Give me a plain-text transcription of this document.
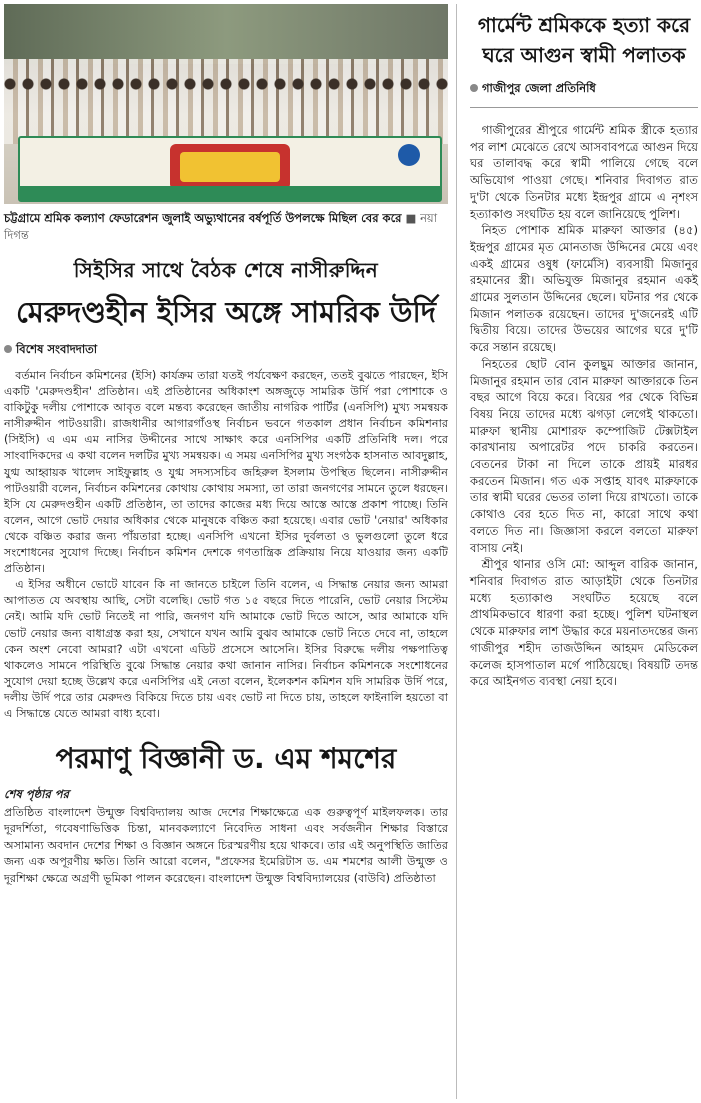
চট্টগ্রামে শ্রমিক কল্যাণ ফেডারেশন জুলাই অভ্যুথানের বর্ষপূর্তি উপলক্ষে মিছিল বের করে ■ নয়া দিগন্ত
সিইসির সাথে বৈঠক শেষে নাসীরুদ্দিন
মেরুদণ্ডহীন ইসির অঙ্গে সামরিক উর্দি
বিশেষ সংবাদদাতা

বর্তমান নির্বাচন কমিশনের (ইসি) কার্যক্রম তারা যতই পর্যবেক্ষণ করছেন, ততই বুঝতে পারছেন, ইসি একটি 'মেরুদণ্ডহীন' প্রতিষ্ঠান। এই প্রতিষ্ঠানের অধিকাংশ অঙ্গজুড়ে সামরিক উর্দি পরা পোশাকে ও বাকিটুকু দলীয় পোশাকে আবৃত বলে মন্তব্য করেছেন জাতীয় নাগরিক পার্টির (এনসিপি) মুখ্য সমন্বয়ক নাসীরুদ্দীন পাটওয়ারী। রাজধানীর আগারগাঁওস্থ নির্বাচন ভবনে গতকাল প্রধান নির্বাচন কমিশনার (সিইসি) এ এম এম নাসির উদ্দীনের সাথে সাক্ষাৎ করে এনসিপির একটি প্রতিনিধি দল। পরে সাংবাদিকদের এ কথা বলেন দলটির মুখ্য সমন্বয়ক। এ সময় এনসিপির মুখ্য সংগঠক হাসনাত আবদুল্লাহ, যুগ্ম আহ্বায়ক খালেদ সাইফুল্লাহ ও যুগ্ম সদস্যসচিব জহিরুল ইসলাম উপস্থিত ছিলেন। নাসীরুদ্দীন পাটওয়ারী বলেন, নির্বাচন কমিশনের কোথায় কোথায় সমস্যা, তা তারা জনগণের সামনে তুলে ধরছেন। ইসি যে মেরুদণ্ডহীন একটি প্রতিষ্ঠান, তা তাদের কাজের মধ্য দিয়ে আস্তে আস্তে প্রকাশ পাচ্ছে। তিনি বলেন, আগে ভোট দেয়ার অধিকার থেকে মানুষকে বঞ্চিত করা হয়েছে। এবার ভোট 'নেয়ার' অধিকার থেকে বঞ্চিত করার জন্য পাঁয়তারা হচ্ছে। এনসিপি এখনো ইসির দুর্বলতা ও ভুলগুলো তুলে ধরে সংশোধনের সুযোগ দিচ্ছে। নির্বাচন কমিশন দেশকে গণতান্ত্রিক প্রক্রিয়ায় নিয়ে যাওয়ার জন্য একটি প্রতিষ্ঠান।

এ ইসির অধীনে ভোটে যাবেন কি না জানতে চাইলে তিনি বলেন, এ সিদ্ধান্ত নেয়ার জন্য আমরা আপাতত যে অবস্থায় আছি, সেটা বলেছি। ভোট গত ১৫ বছরে দিতে পারেনি, ভোট নেয়ার সিস্টেম নেই। আমি যদি ভোট নিতেই না পারি, জনগণ যদি আমাকে ভোট দিতে আসে, আর আমাকে যদি ভোট নেয়ার জন্য বাধাগ্রস্ত করা হয়, সেখানে যখন আমি বুঝব আমাকে ভোট নিতে দেবে না, তাহলে কেন অংশ নেবো আমরা? এটা এখনো এডিট প্রসেসে আসেনি। ইসির বিরুদ্ধে দলীয় পক্ষপাতিত্ব থাকলেও সামনে পরিস্থিতি বুঝে সিদ্ধান্ত নেয়ার কথা জানান নাসির। নির্বাচন কমিশনকে সংশোধনের সুযোগ দেয়া হচ্ছে উল্লেখ করে এনসিপির এই নেতা বলেন, ইলেকশন কমিশন যদি সামরিক উর্দি পরে, দলীয় উর্দি পরে তার মেরুদণ্ড বিকিয়ে দিতে চায় এবং ভোট না দিতে চায়, তাহলে ফাইনালি হয়তো বা এ সিদ্ধান্তে যেতে আমরা বাধ্য হবো।

পরমাণু বিজ্ঞানী ড. এম শমশের
শেষ পৃষ্ঠার পর

প্রতিষ্ঠিত বাংলাদেশ উন্মুক্ত বিশ্ববিদ্যালয় আজ দেশের শিক্ষাক্ষেত্রে এক গুরুত্বপূর্ণ মাইলফলক। তার দূরদর্শিতা, গবেষণাভিত্তিক চিন্তা, মানবকল্যাণে নিবেদিত সাধনা এবং সর্বজনীন শিক্ষার বিস্তারে অসামান্য অবদান দেশের শিক্ষা ও বিজ্ঞান অঙ্গনে চিরস্মরণীয় হয়ে থাকবে। তার এই অনুপস্থিতি জাতির জন্য এক অপূরণীয় ক্ষতি। তিনি আরো বলেন, "প্রফেসর ইমেরিটাস ড. এম শমশের আলী উন্মুক্ত ও দূরশিক্ষা ক্ষেত্রে অগ্রণী ভূমিকা পালন করেছেন। বাংলাদেশ উন্মুক্ত বিশ্ববিদ্যালয়ের (বাউবি) প্রতিষ্ঠাতা

গার্মেন্ট শ্রমিককে হত্যা করে ঘরে আগুন স্বামী পলাতক
গাজীপুর জেলা প্রতিনিধি

গাজীপুরের শ্রীপুরে গার্মেন্ট শ্রমিক স্ত্রীকে হত্যার পর লাশ মেঝেতে রেখে আসবাবপত্রে আগুন দিয়ে ঘর তালাবদ্ধ করে স্বামী পালিয়ে গেছে বলে অভিযোগ পাওয়া গেছে। শনিবার দিবাগত রাত দু'টা থেকে তিনটার মধ্যে ইন্দ্রপুর গ্রামে এ নৃশংস হত্যাকাণ্ড সংঘটিত হয় বলে জানিয়েছে পুলিশ।

নিহত পোশাক শ্রমিক মারুফা আক্তার (৪৫) ইন্দ্রপুর গ্রামের মৃত মোনতাজ উদ্দিনের মেয়ে এবং একই গ্রামের ওষুধ (ফার্মেসি) ব্যবসায়ী মিজানুর রহমানের স্ত্রী। অভিযুক্ত মিজানুর রহমান একই গ্রামের সুলতান উদ্দিনের ছেলে। ঘটনার পর থেকে মিজান পলাতক রয়েছেন। তাদের দু'জনেরই এটি দ্বিতীয় বিয়ে। তাদের উভয়ের আগের ঘরে দু'টি করে সন্তান রয়েছে।

নিহতের ছোট বোন কুলছুম আক্তার জানান, মিজানুর রহমান তার বোন মারুফা আক্তারকে তিন বছর আগে বিয়ে করে। বিয়ের পর থেকে বিভিন্ন বিষয় নিয়ে তাদের মধ্যে ঝগড়া লেগেই থাকতো। মারুফা স্থানীয় মোশারফ কম্পোজিট টেক্সটাইল কারখানায় অপারেটর পদে চাকরি করতেন। বেতনের টাকা না দিলে তাকে প্রায়ই মারধর করতেন মিজান। গত এক সপ্তাহ যাবৎ মারুফাকে তার স্বামী ঘরের ভেতর তালা দিয়ে রাখতো। তাকে কোথাও বের হতে দিত না, কারো সাথে কথা বলতে দিত না। জিজ্ঞাসা করলে বলতো মারুফা বাসায় নেই।

শ্রীপুর থানার ওসি মো: আব্দুল বারিক জানান, শনিবার দিবাগত রাত আড়াইটা থেকে তিনটার মধ্যে হত্যাকাণ্ড সংঘটিত হয়েছে বলে প্রাথমিকভাবে ধারণা করা হচ্ছে। পুলিশ ঘটনাস্থল থেকে মারুফার লাশ উদ্ধার করে ময়নাতদন্তের জন্য গাজীপুর শহীদ তাজউদ্দিন আহমদ মেডিকেল কলেজ হাসপাতাল মর্গে পাঠিয়েছে। বিষয়টি তদন্ত করে আইনগত ব্যবস্থা নেয়া হবে।
